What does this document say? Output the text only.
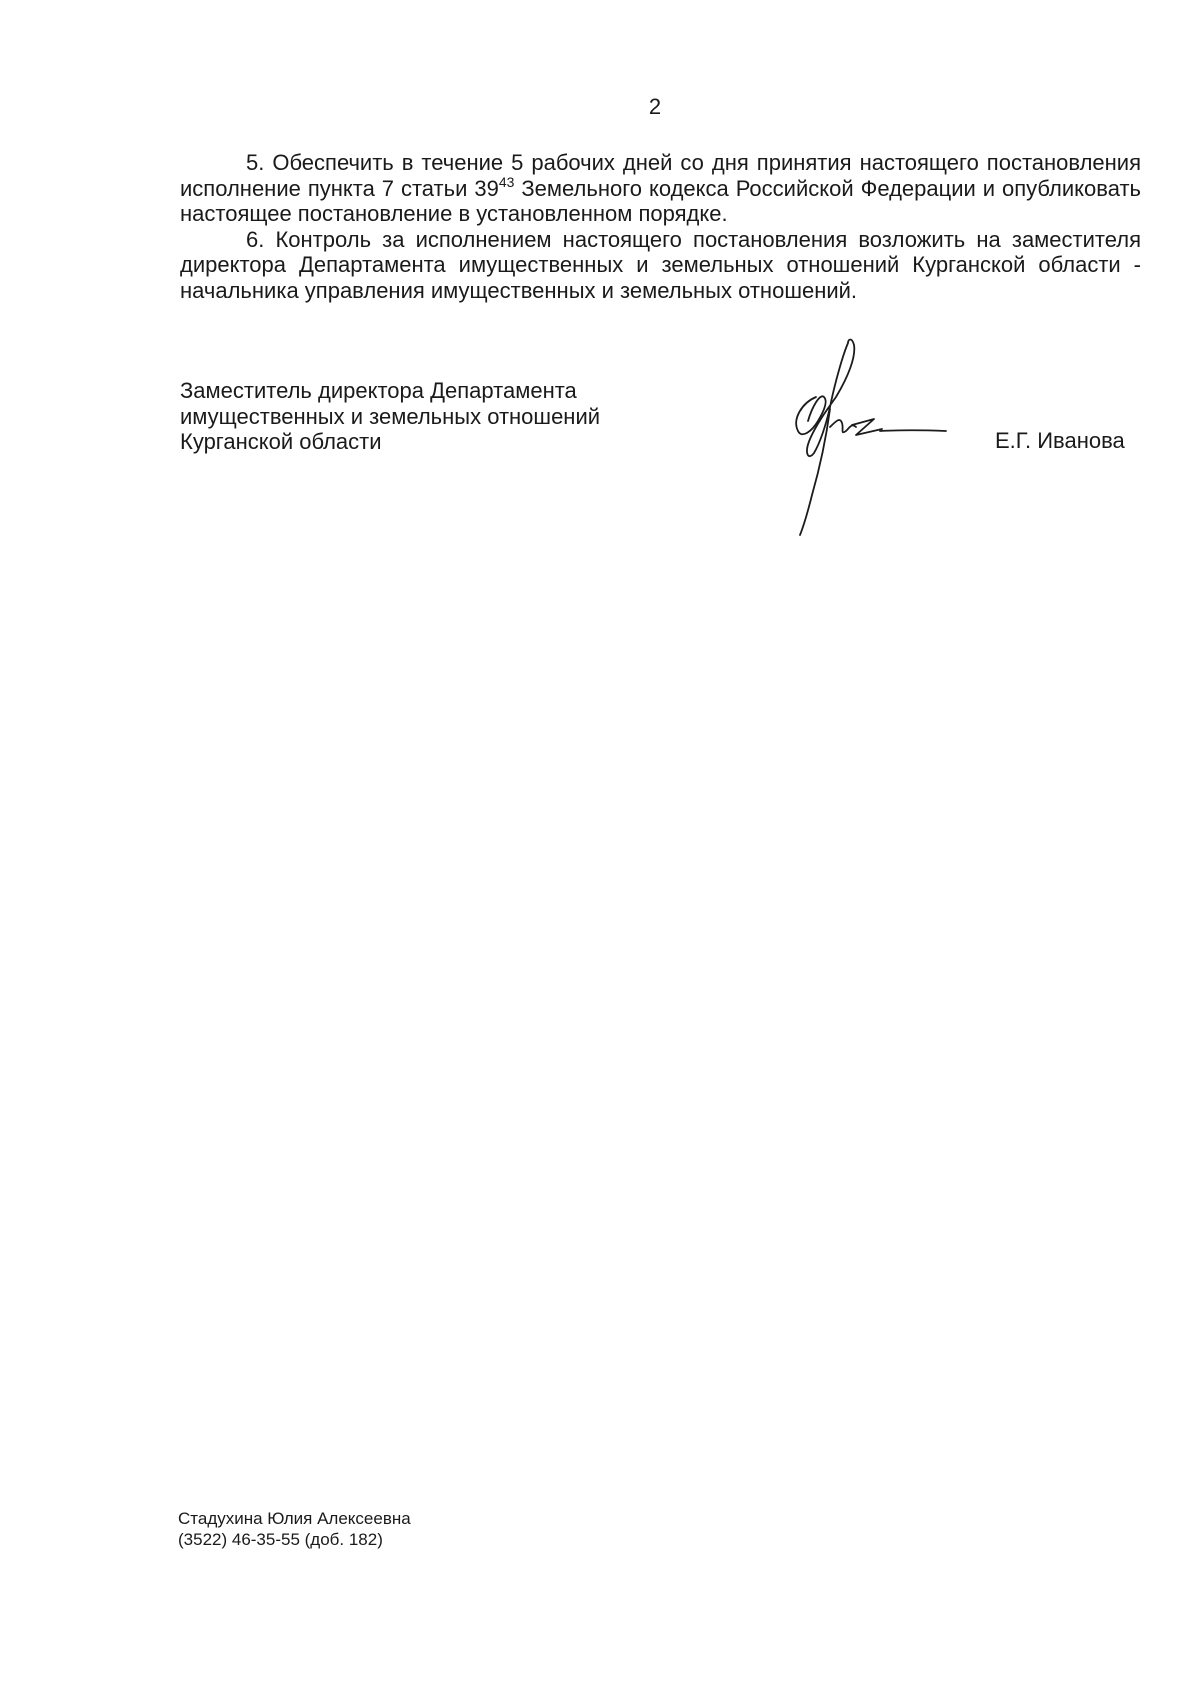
2

5. Обеспечить в течение 5 рабочих дней со дня принятия настоящего постановления исполнение пункта 7 статьи $39^{43}$ Земельного кодекса Российской Федерации и опубликовать настоящее постановление в установленном порядке.

6. Контроль за исполнением настоящего постановления возложить на заместителя директора Департамента имущественных и земельных отношений Курганской области - начальника управления имущественных и земельных отношений.

Заместитель директора Департамента
имущественных и земельных отношений
Курганской области	Е.Г. Иванова
Стадухина Юлия Алексеевна
(3522) 46-35-55 (доб. 182)
